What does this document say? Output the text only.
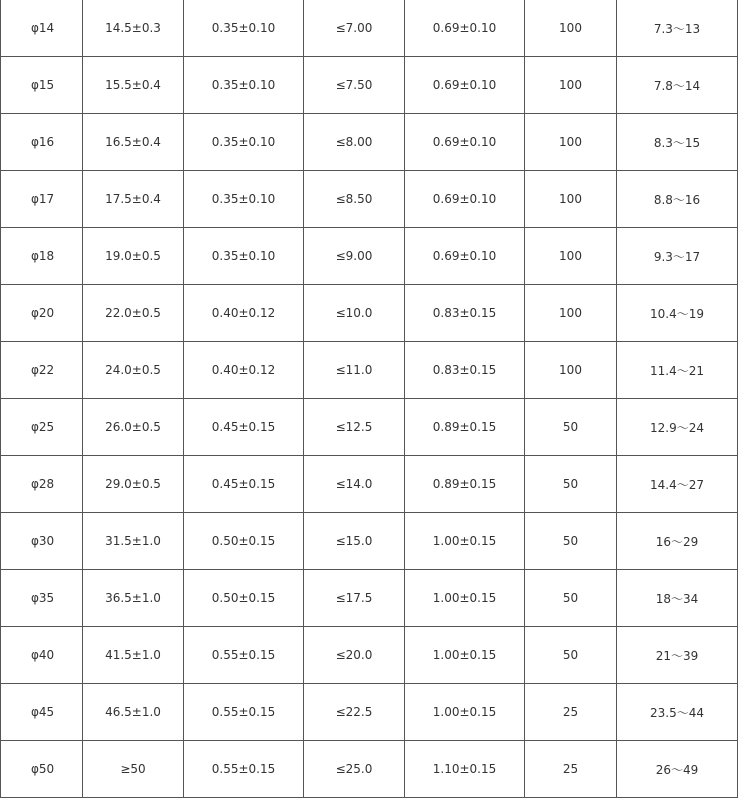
φ14	14.5±0.3	0.35±0.10	≤7.00	0.69±0.10	100	7.3～13
φ15	15.5±0.4	0.35±0.10	≤7.50	0.69±0.10	100	7.8～14
φ16	16.5±0.4	0.35±0.10	≤8.00	0.69±0.10	100	8.3～15
φ17	17.5±0.4	0.35±0.10	≤8.50	0.69±0.10	100	8.8～16
φ18	19.0±0.5	0.35±0.10	≤9.00	0.69±0.10	100	9.3～17
φ20	22.0±0.5	0.40±0.12	≤10.0	0.83±0.15	100	10.4～19
φ22	24.0±0.5	0.40±0.12	≤11.0	0.83±0.15	100	11.4～21
φ25	26.0±0.5	0.45±0.15	≤12.5	0.89±0.15	50	12.9～24
φ28	29.0±0.5	0.45±0.15	≤14.0	0.89±0.15	50	14.4～27
φ30	31.5±1.0	0.50±0.15	≤15.0	1.00±0.15	50	16～29
φ35	36.5±1.0	0.50±0.15	≤17.5	1.00±0.15	50	18～34
φ40	41.5±1.0	0.55±0.15	≤20.0	1.00±0.15	50	21～39
φ45	46.5±1.0	0.55±0.15	≤22.5	1.00±0.15	25	23.5～44
φ50	≥50	0.55±0.15	≤25.0	1.10±0.15	25	26～49
